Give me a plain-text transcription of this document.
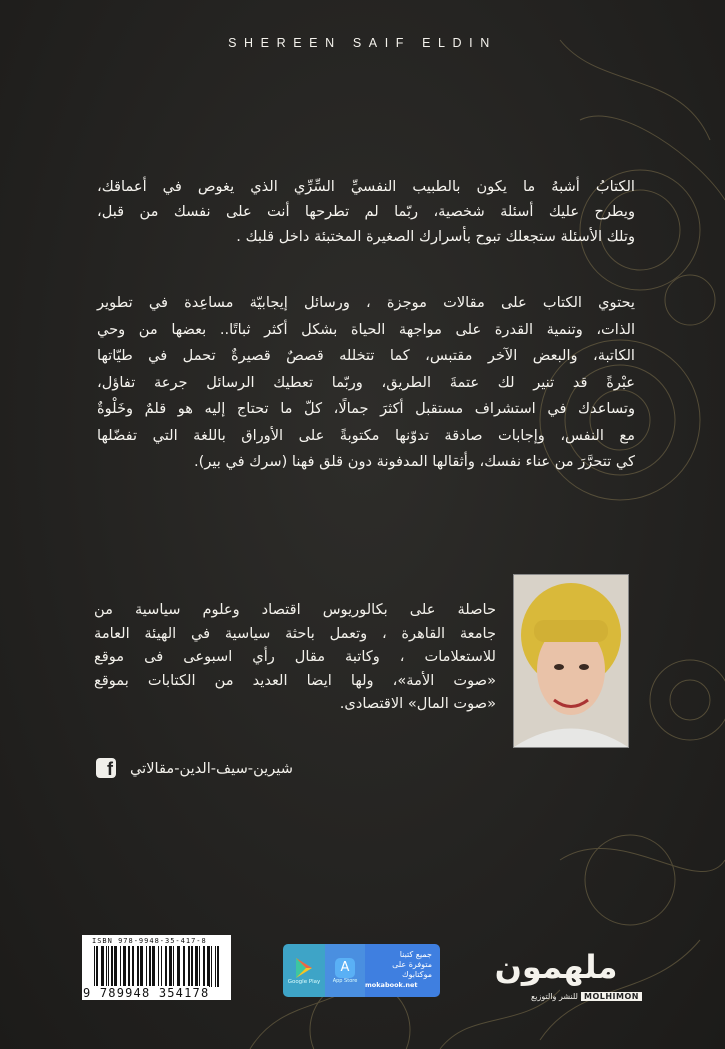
SHEREEN SAIF ELDIN
الكتابُ أشبهُ ما يكون بالطبيب النفسيِّ السِّرِّي الذي يغوص في أعماقك،
ويطرح عليك أسئلة شخصية، ربّما لم تطرحها أنت على نفسك من قبل،
وتلك الأسئلة ستجعلك تبوح بأسرارك الصغيرة المختبئة داخل قلبك .
يحتوي الكتاب على مقالات موجزة ، ورسائل إيجابيّة مساعِدة في تطوير
الذات، وتنمية القدرة على مواجهة الحياة بشكل أكثر ثباتًا.. بعضها من وحي
الكاتبة، والبعض الآخر مقتبس، كما تتخلله قصصٌ قصيرةٌ تحمل في طيّاتها
عبْرةً قد تنير لك عتمةَ الطريق، وربّما تعطيك الرسائل جرعة تفاؤل،
وتساعدك في استشراف مستقبل أكثرَ جمالًا، كلّ ما تحتاج إليه هو قلمٌ وخَلْوةٌ
مع النفس، وإجابات صادقة تدوّنها مكتوبةً على الأوراق باللغة التي تفضّلها
كي تتحرَّرَ من عناء نفسك، وأثقالها المدفونة دون قلق فهنا (سرك في بير).
حاصلة على بكالوريوس اقتصاد وعلوم سياسية من
جامعة القاهرة ، وتعمل باحثة سياسية في الهيئة العامة
للاستعلامات ، وكاتبة مقال رأي اسبوعى فى موقع
«صوت الأمة»، ولها ايضا العديد من الكتابات بموقع
«صوت المال» الاقتصادى.
f شيرين-سيف-الدين-مقالاتي
ISBN 978-9948-35-417-8
9 789948 354178
Google Play
A
App Store
جميع كتبنا
متوفرة على
موكتابوك
mokabook.net	ملهمون
للنشر والتوزيع MOLHIMON
